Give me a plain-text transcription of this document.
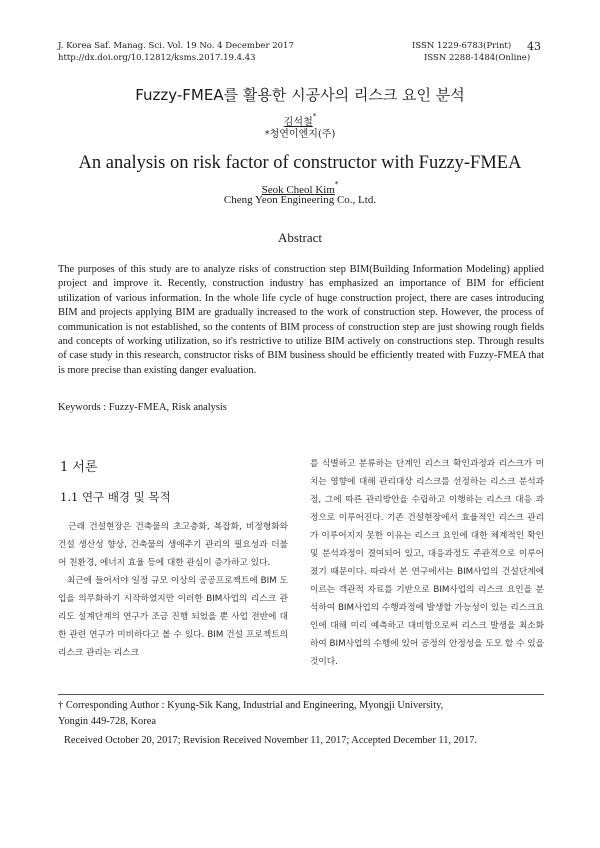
J. Korea Saf. Manag. Sci. Vol. 19 No. 4 December 2017
http://dx.doi.org/10.12812/ksms.2017.19.4.43
ISSN 1229-6783(Print)
ISSN 2288-1484(Online)
43
Fuzzy-FMEA를 활용한 시공사의 리스크 요인 분석
김석철*
*청연이엔지(주)
An analysis on risk factor of constructor with Fuzzy-FMEA
Seok Cheol Kim*
Cheng Yeon Engineering Co., Ltd.
Abstract
The purposes of this study are to analyze risks of construction step BIM(Building Information Modeling) applied project and improve it. Recently, construction industry has emphasized an importance of BIM for efficient utilization of various information. In the whole life cycle of huge construction project, there are cases introducing BIM and projects applying BIM are gradually increased to the work of construction step. However, the process of communication is not established, so the contents of BIM process of construction step are just showing rough fields and concepts of working utilization, so it's restrictive to utilize BIM actively on constructions step. Through results of case study in this research, constructor risks of BIM business should be efficiently treated with Fuzzy-FMEA that is more precise than existing danger evaluation.
Keywords : Fuzzy-FMEA, Risk analysis
1 서론
1.1 연구 배경 및 목적
　근래 건설현장은 건축물의 초고층화, 복잡화, 비정형화와 건설 생산성 향상, 건축물의 생애주기 관리의 필요성과 더불어 친환경, 에너지 효율 등에 대한 관심이 증가하고 있다.
　최근에 들어서야 일정 규모 이상의 공공프로젝트에 BIM 도입을 의무화하기 시작하였지만 이러한 BIM사업의 리스크 관리도 설계단계의 연구가 조금 진행 되었을 뿐 사업 전반에 대한 관련 연구가 미비하다고 볼 수 있다. BIM 건설 프로젝트의 리스크 관리는 리스크
를 식별하고 분류하는 단계인 리스크 확인과정과 리스크가 미치는 영향에 대해 관리대상 리스크를 선정하는 리스크 분석과정, 그에 따른 관리방안을 수립하고 이행하는 리스크 대응 과정으로 이루어진다. 기존 건설현장에서 효율적인 리스크 관리가 이루어지지 못한 이유는 리스크 요인에 대한 체계적인 확인 및 분석과정이 결여되어 있고, 대응과정도 주관적으로 이루어졌기 때문이다. 따라서 본 연구에서는 BIM사업의 건설단계에 이르는 객관적 자료를 기반으로 BIM사업의 리스크 요인을 분석하여 BIM사업의 수행과정에 발생할 가능성이 있는 리스크요인에 대해 미리 예측하고 대비함으로써 리스크 발생을 최소화하여 BIM사업의 수행에 있어 공정의 안정성을 도모 할 수 있을 것이다.
† Corresponding Author : Kyung-Sik Kang, Industrial and Engineering, Myongji University,
Yongin 449-728, Korea
Received October 20, 2017; Revision Received November 11, 2017; Accepted December 11, 2017.
